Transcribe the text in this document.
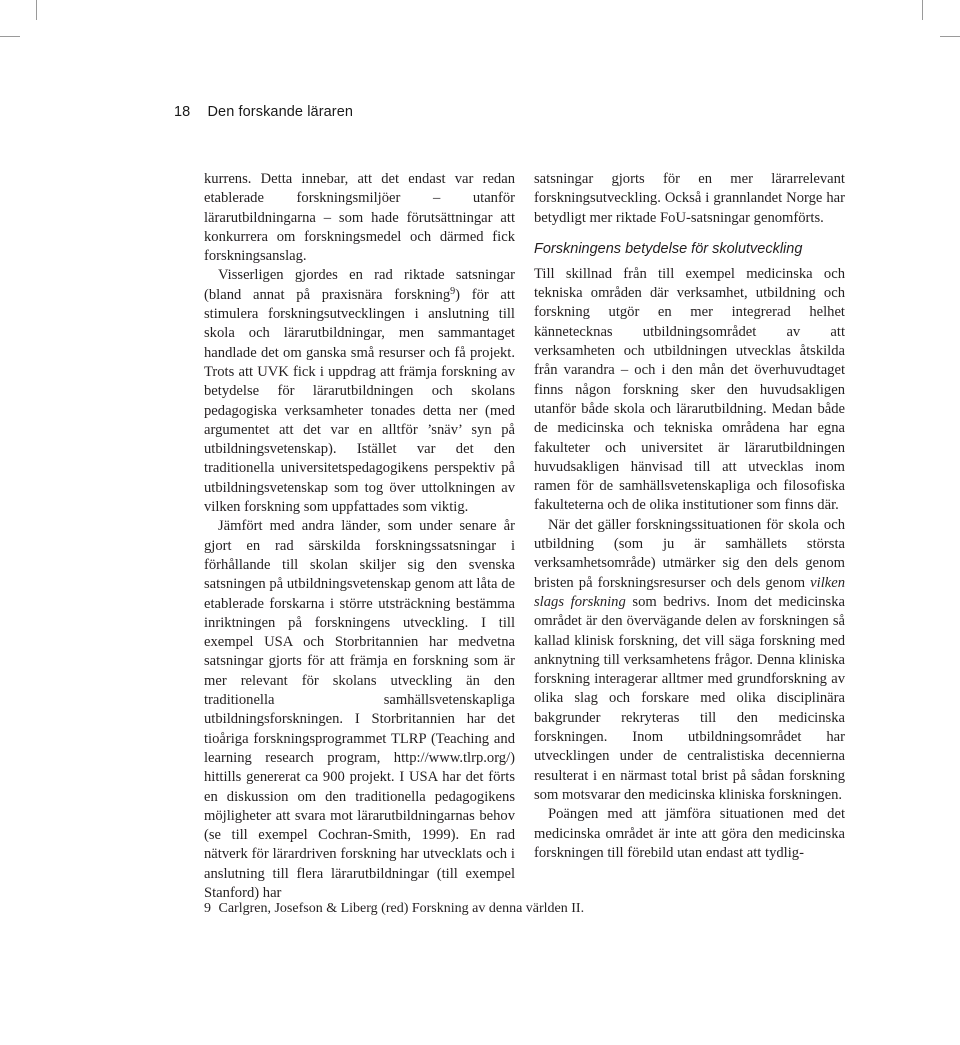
18 Den forskande läraren

kurrens. Detta innebar, att det endast var redan etablerade forskningsmiljöer – utanför lärarutbildningarna – som hade förutsättningar att konkurrera om forskningsmedel och därmed fick forskningsanslag.

Visserligen gjordes en rad riktade satsningar (bland annat på praxisnära forskning$^9$) för att stimulera forskningsutvecklingen i anslutning till skola och lärarutbildningar, men sammantaget handlade det om ganska små resurser och få projekt. Trots att UVK fick i uppdrag att främja forskning av betydelse för lärarutbildningen och skolans pedagogiska verksamheter tonades detta ner (med argumentet att det var en alltför ’snäv’ syn på utbildningsvetenskap). Istället var det den traditionella universitetspedagogikens perspektiv på utbildningsvetenskap som tog över uttolkningen av vilken forskning som uppfattades som viktig.

Jämfört med andra länder, som under senare år gjort en rad särskilda forskningssatsningar i förhållande till skolan skiljer sig den svenska satsningen på utbildningsvetenskap genom att låta de etablerade forskarna i större utsträckning bestämma inriktningen på forskningens utveckling. I till exempel USA och Storbritannien har medvetna satsningar gjorts för att främja en forskning som är mer relevant för skolans utveckling än den traditionella samhällsvetenskapliga utbildningsforskningen. I Storbritannien har det tioåriga forskningsprogrammet TLRP (Teaching and learning research program, http://www.tlrp.org/) hittills genererat ca 900 projekt. I USA har det förts en diskussion om den traditionella pedagogikens möjligheter att svara mot lärarutbildningarnas behov (se till exempel Cochran-Smith, 1999). En rad nätverk för lärardriven forskning har utvecklats och i anslutning till flera lärarutbildningar (till exempel Stanford) har

satsningar gjorts för en mer lärarrelevant forskningsutveckling. Också i grannlandet Norge har betydligt mer riktade FoU-satsningar genomförts.

Forskningens betydelse för skolutveckling

Till skillnad från till exempel medicinska och tekniska områden där verksamhet, utbildning och forskning utgör en mer integrerad helhet kännetecknas utbildningsområdet av att verksamheten och utbildningen utvecklas åtskilda från varandra – och i den mån det överhuvudtaget finns någon forskning sker den huvudsakligen utanför både skola och lärarutbildning. Medan både de medicinska och tekniska områdena har egna fakulteter och universitet är lärarutbildningen huvudsakligen hänvisad till att utvecklas inom ramen för de samhällsvetenskapliga och filosofiska fakulteterna och de olika institutioner som finns där.

När det gäller forskningssituationen för skola och utbildning (som ju är samhällets största verksamhetsområde) utmärker sig den dels genom bristen på forskningsresurser och dels genom vilken slags forskning som bedrivs. Inom det medicinska området är den övervägande delen av forskningen så kallad klinisk forskning, det vill säga forskning med anknytning till verksamhetens frågor. Denna kliniska forskning interagerar alltmer med grundforskning av olika slag och forskare med olika disciplinära bakgrunder rekryteras till den medicinska forskningen. Inom utbildningsområdet har utvecklingen under de centralistiska decennierna resulterat i en närmast total brist på sådan forskning som motsvarar den medicinska kliniska forskningen.

Poängen med att jämföra situationen med det medicinska området är inte att göra den medicinska forskningen till förebild utan endast att tydlig-

9 Carlgren, Josefson & Liberg (red) Forskning av denna världen II.
